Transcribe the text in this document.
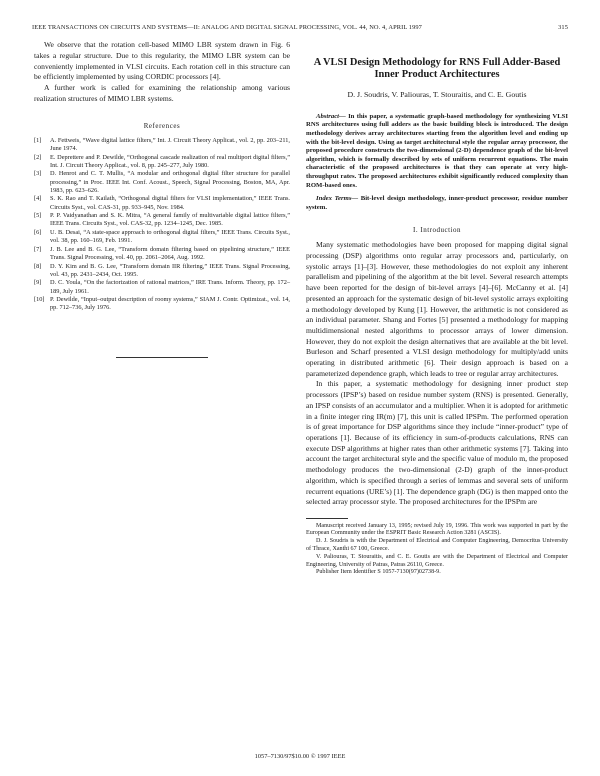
IEEE TRANSACTIONS ON CIRCUITS AND SYSTEMS—II: ANALOG AND DIGITAL SIGNAL PROCESSING, VOL. 44, NO. 4, APRIL 1997	315

We observe that the rotation cell-based MIMO LBR system drawn in Fig. 6 takes a regular structure. Due to this regularity, the MIMO LBR system can be conveniently implemented in VLSI circuits. Each rotation cell in this structure can be efficiently implemented by using CORDIC processors [4].

A further work is called for examining the relationship among various realization structures of MIMO LBR systems.

References
[1]	A. Fettweis, “Wave digital lattice filters,” Int. J. Circuit Theory Applicat., vol. 2, pp. 203–211, June 1974.
[2]	E. Deprettere and P. Dewilde, “Orthogonal cascade realization of real multiport digital filters,” Int. J. Circuit Theory Applicat., vol. 8, pp. 245–277, July 1980.
[3]	D. Henrot and C. T. Mullis, “A modular and orthogonal digital filter structure for parallel processing,” in Proc. IEEE Int. Conf. Acoust., Speech, Signal Processing, Boston, MA, Apr. 1983, pp. 623–626.
[4]	S. K. Rao and T. Kailath, “Orthogonal digital filters for VLSI implementation,” IEEE Trans. Circuits Syst., vol. CAS-31, pp. 933–945, Nov. 1984.
[5]	P. P. Vaidyanathan and S. K. Mitra, “A general family of multivariable digital lattice filters,” IEEE Trans. Circuits Syst., vol. CAS-32, pp. 1234–1245, Dec. 1985.
[6]	U. B. Desai, “A state-space approach to orthogonal digital filters,” IEEE Trans. Circuits Syst., vol. 38, pp. 160–169, Feb. 1991.
[7]	J. B. Lee and B. G. Lee, “Transform domain filtering based on pipelining structure,” IEEE Trans. Signal Processing, vol. 40, pp. 2061–2064, Aug. 1992.
[8]	D. Y. Kim and B. G. Lee, “Transform domain IIR filtering,” IEEE Trans. Signal Processing, vol. 43, pp. 2431–2434, Oct. 1995.
[9]	D. C. Youla, “On the factorization of rational matrices,” IRE Trans. Inform. Theory, pp. 172–189, July 1961.
[10] P. Dewilde, “Input–output description of roomy systems,” SIAM J. Contr. Optimizat., vol. 14, pp. 712–736, July 1976.
A VLSI Design Methodology for RNS Full Adder-Based Inner Product Architectures
D. J. Soudris, V. Paliouras, T. Stouraitis, and C. E. Goutis

Abstract— In this paper, a systematic graph-based methodology for synthesizing VLSI RNS architectures using full adders as the basic building block is introduced. The design methodology derives array architectures starting from the algorithm level and ending up with the bit-level design. Using as target architectural style the regular array processor, the proposed procedure constructs the two-dimensional (2-D) dependence graph of the bit-level algorithm, which is formally described by sets of uniform recurrent equations. The main characteristic of the proposed architectures is that they can operate at very high-throughput rates. The proposed architectures exhibit significantly reduced complexity than ROM-based ones.

Index Terms— Bit-level design methodology, inner-product processor, residue number system.

I. Introduction

Many systematic methodologies have been proposed for mapping digital signal processing (DSP) algorithms onto regular array processors and, particularly, on systolic arrays [1]–[3]. However, these methodologies do not exploit any inherent parallelism and pipelining of the algorithm at the bit level. Several research attempts have been reported for the design of bit-level arrays [4]–[6]. McCanny et al. [4] presented an approach for the systematic design of bit-level systolic arrays exploiting a methodology developed by Kung [1]. However, the arithmetic is not considered as an individual parameter. Shang and Fortes [5] presented a methodology for mapping multidimensional nested algorithms to processor arrays of lower dimension. However, they do not exploit the design alternatives that are available at the bit level. Burleson and Scharf presented a VLSI design methodology for multiply/add units operating in distributed arithmetic [6]. Their design approach is based on a parameterized dependence graph, which leads to tree or regular array architectures.

In this paper, a systematic methodology for designing inner product step processors (IPSP’s) based on residue number system (RNS) is presented. Generally, an IPSP consists of an accumulator and a multiplier. When it is adopted for arithmetic in a finite integer ring IR(m) [7], this unit is called IPSPm. The performed operation is of great importance for DSP algorithms since they include “inner-product” type of operations [1]. Because of its efficiency in sum-of-products calculations, RNS can execute DSP algorithms at higher rates than other arithmetic systems [7]. Taking into account the target architectural style and the specific value of modulo m, the proposed methodology produces the two-dimensional (2-D) graph of the inner-product algorithm, which is specified through a series of lemmas and several sets of uniform recurrent equations (URE’s) [1]. The dependence graph (DG) is then mapped onto the selected array processor style. The proposed architectures for the IPSPm are

Manuscript received January 13, 1995; revised July 19, 1996. This work was supported in part by the European Community under the ESPRIT Basic Research Action 3281 (ASCIS).

D. J. Soudris is with the Department of Electrical and Computer Engineering, Democritus University of Thrace, Xanthi 67 100, Greece.

V. Paliouras, T. Stouraitis, and C. E. Goutis are with the Department of Electrical and Computer Engineering, University of Patras, Patras 26110, Greece.

Publisher Item Identifier S 1057-7130(97)02738-9.

1057–7130/97$10.00 © 1997 IEEE
